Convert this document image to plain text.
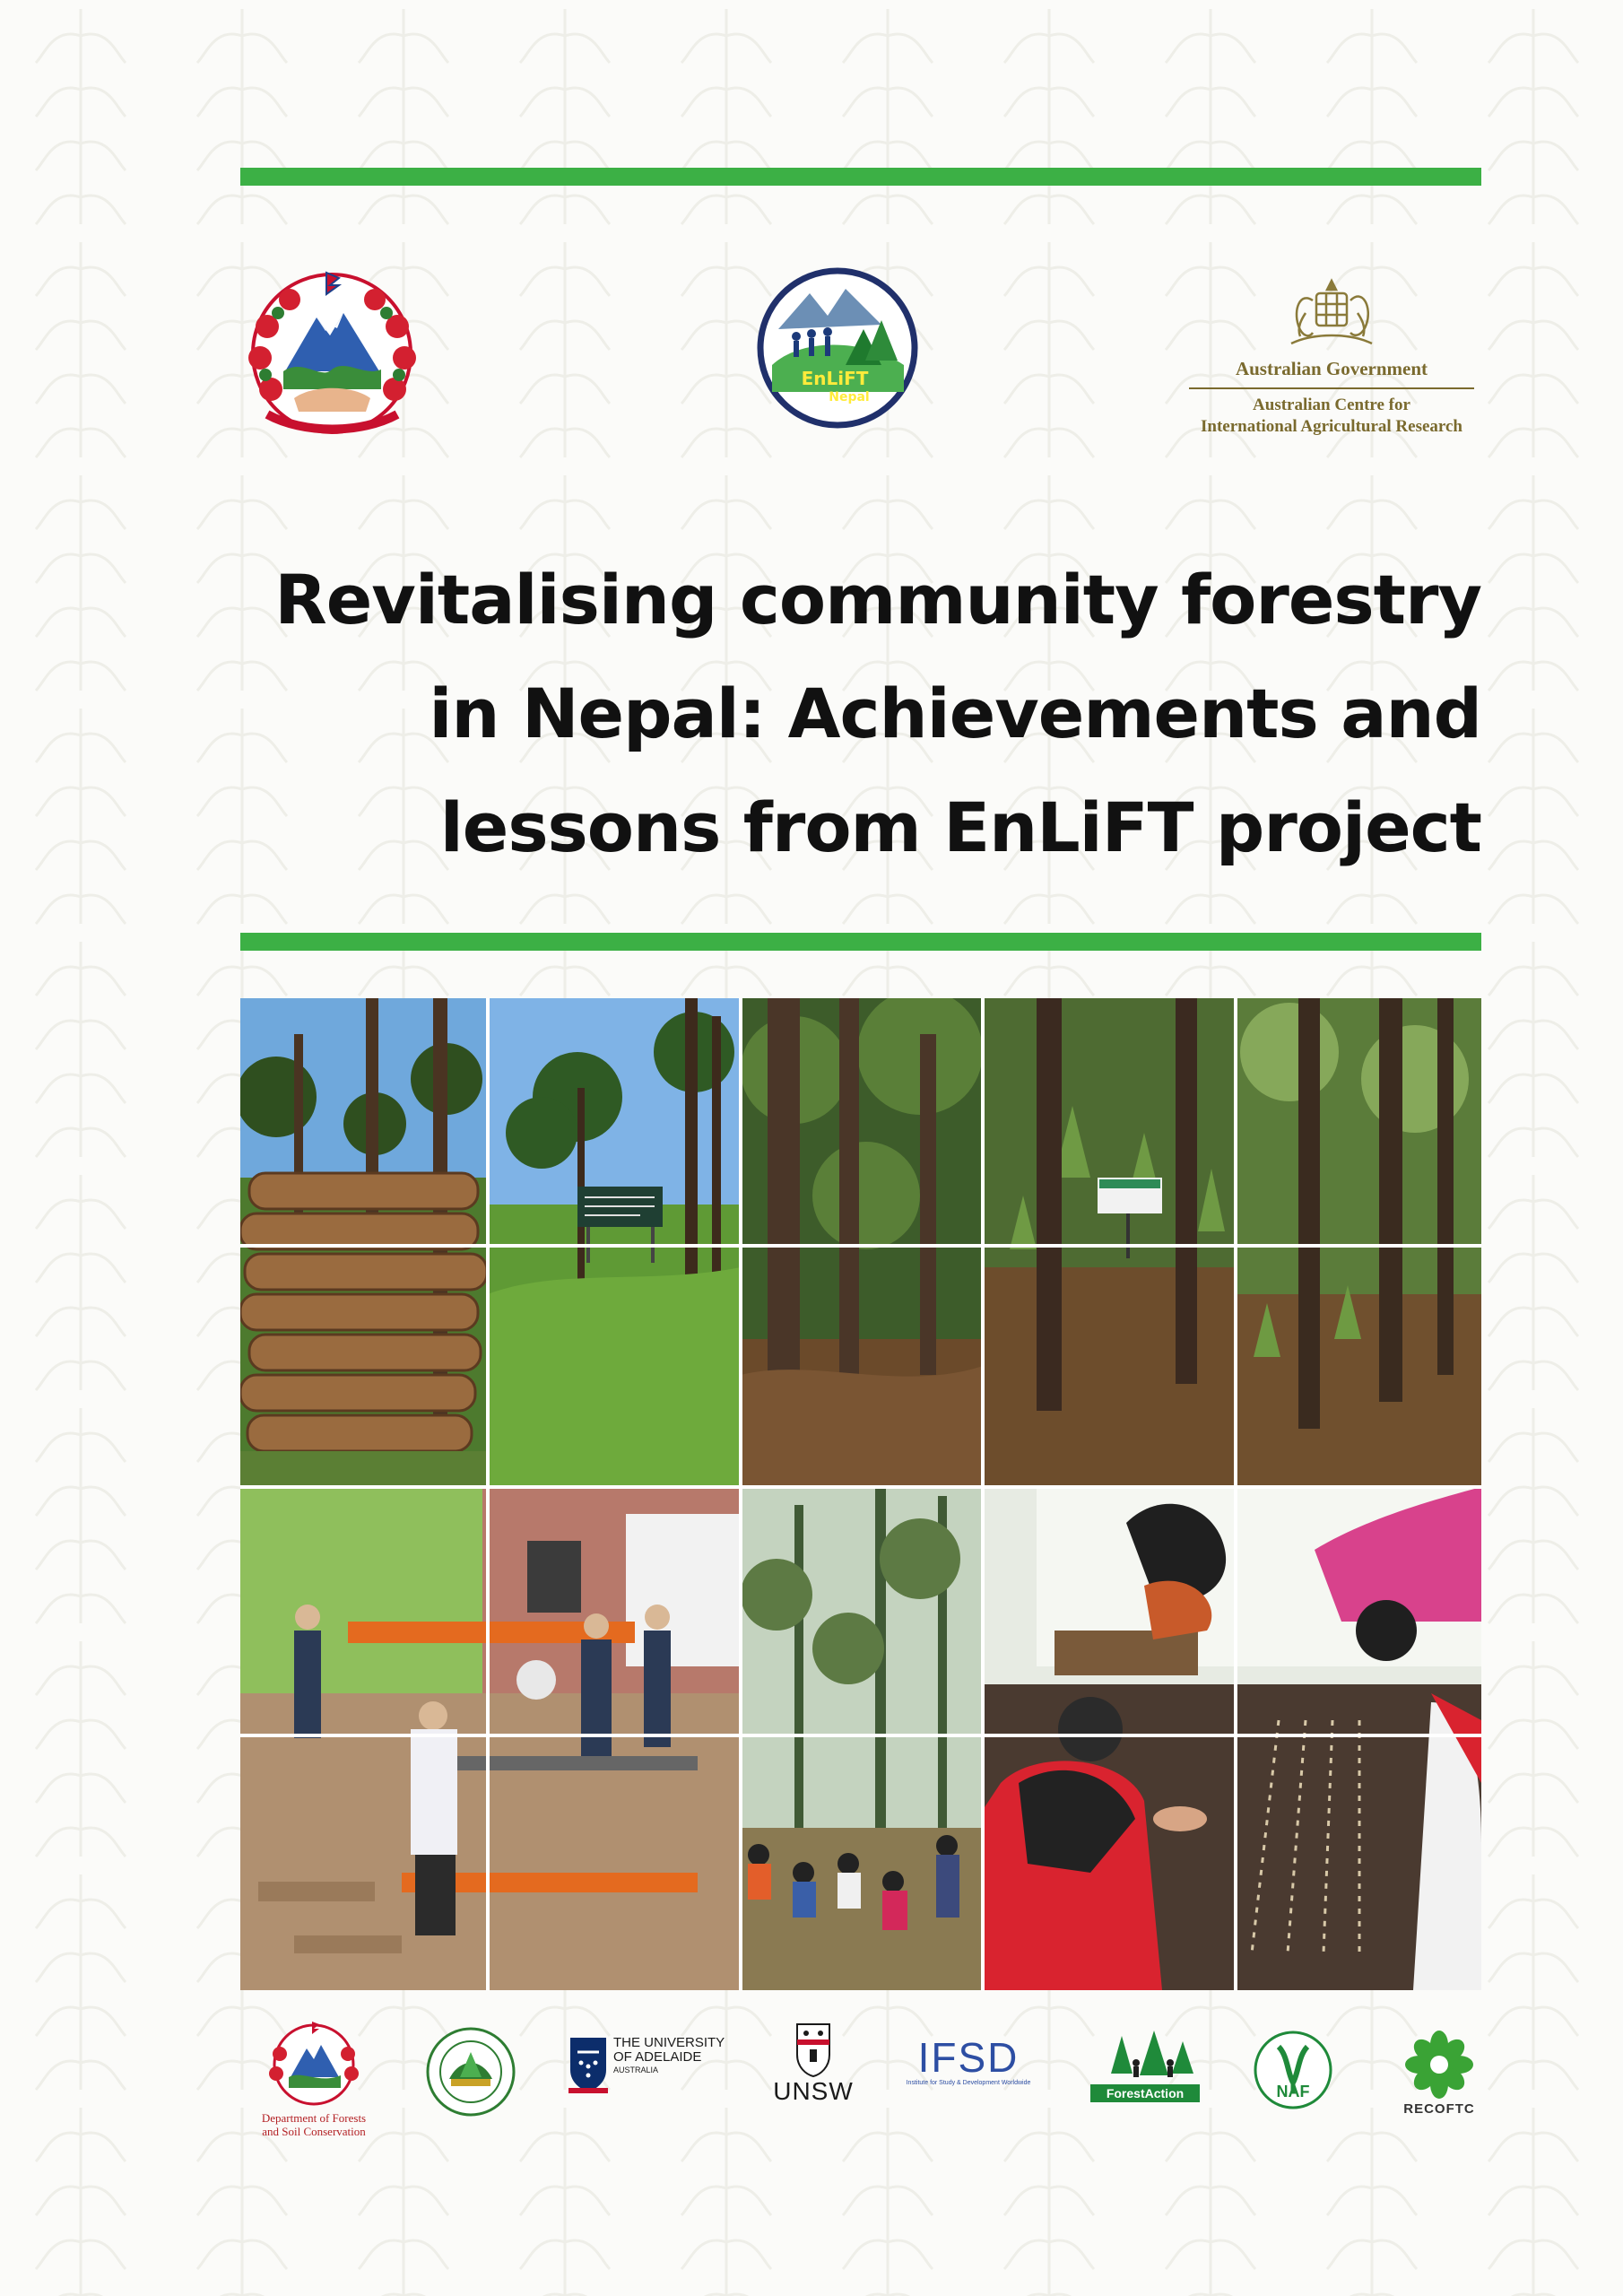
EnLiFT
Nepal
Australian Government
Australian Centre for
International Agricultural Research
Revitalising community forestry
in Nepal: Achievements and
lessons from EnLiFT project
Department of Forests
and Soil Conservation
THE UNIVERSITY
OF ADELAIDE
AUSTRALIA
UNSW
IFSD
Institute for Study & Development Worldwide
ForestAction	NAF
RECOFTC
